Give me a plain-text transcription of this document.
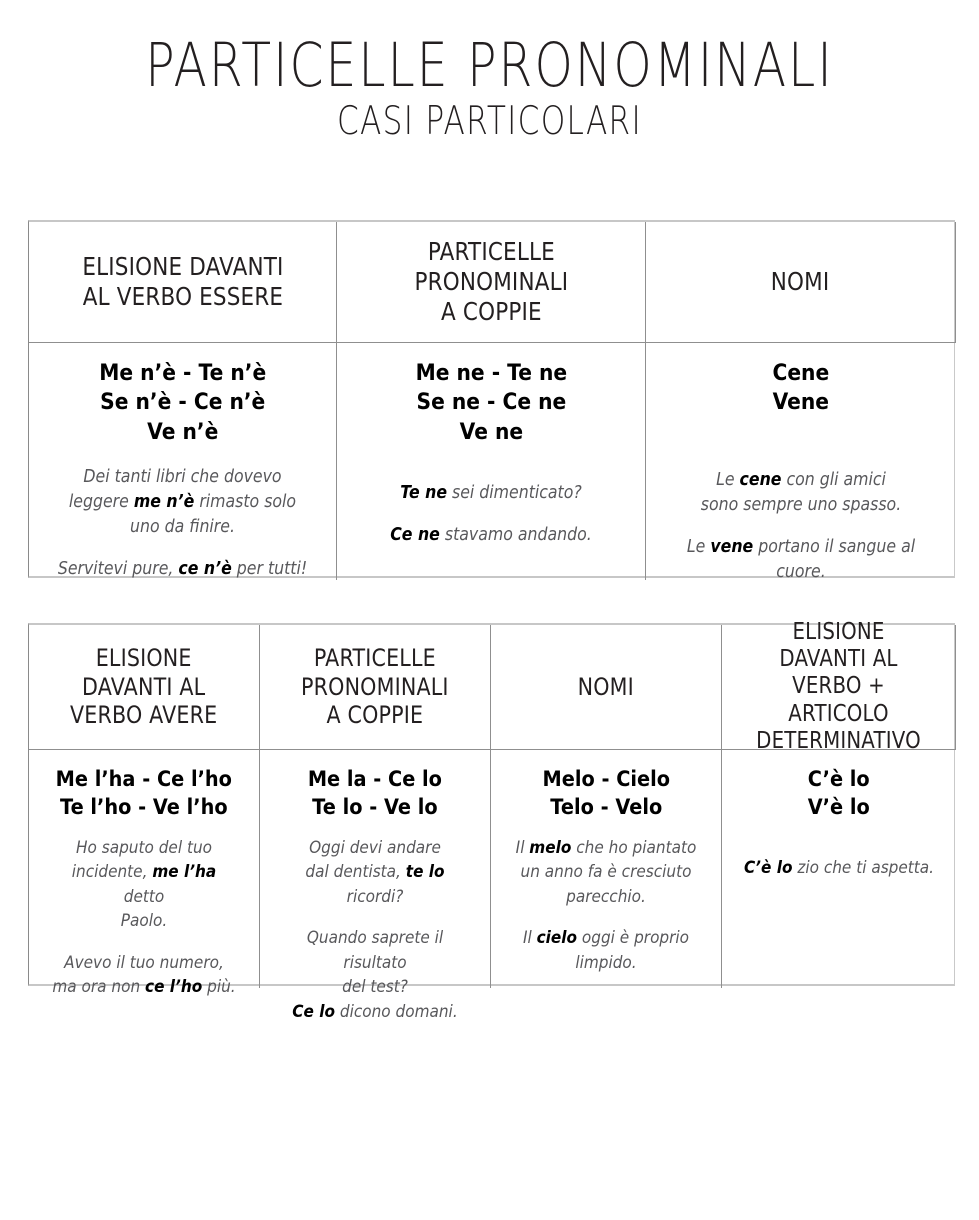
PARTICELLE PRONOMINALI
CASI PARTICOLARI
ELISIONE DAVANTI
AL VERBO ESSERE
PARTICELLE
PRONOMINALI
A COPPIE
NOMI
Me n’è - Te n’è
Se n’è - Ce n’è
Ve n’è
Dei tanti libri che dovevo leggere me n’è rimasto solo uno da finire.
Servitevi pure, ce n’è per tutti!
Me ne - Te ne
Se ne - Ce ne
Ve ne
Te ne sei dimenticato?
Ce ne stavamo andando.
Cene
Vene
Le cene con gli amici
sono sempre uno spasso.
Le vene portano il sangue al cuore.
ELISIONE
DAVANTI AL
VERBO AVERE
PARTICELLE
PRONOMINALI
A COPPIE
NOMI
ELISIONE
DAVANTI AL
VERBO + ARTICOLO
DETERMINATIVO
Me l’ha - Ce l’ho
Te l’ho - Ve l’ho
Ho saputo del tuo
incidente, me l’ha detto
Paolo.
Avevo il tuo numero,
ma ora non ce l’ho più.
Me la - Ce lo
Te lo - Ve lo
Oggi devi andare
dal dentista, te lo ricordi?
Quando saprete il risultato
del test?
Ce lo dicono domani.
Melo - Cielo
Telo - Velo
Il melo che ho piantato
un anno fa è cresciuto
parecchio.
Il cielo oggi è proprio
limpido.
C’è lo
V’è lo
C’è lo zio che ti aspetta.
